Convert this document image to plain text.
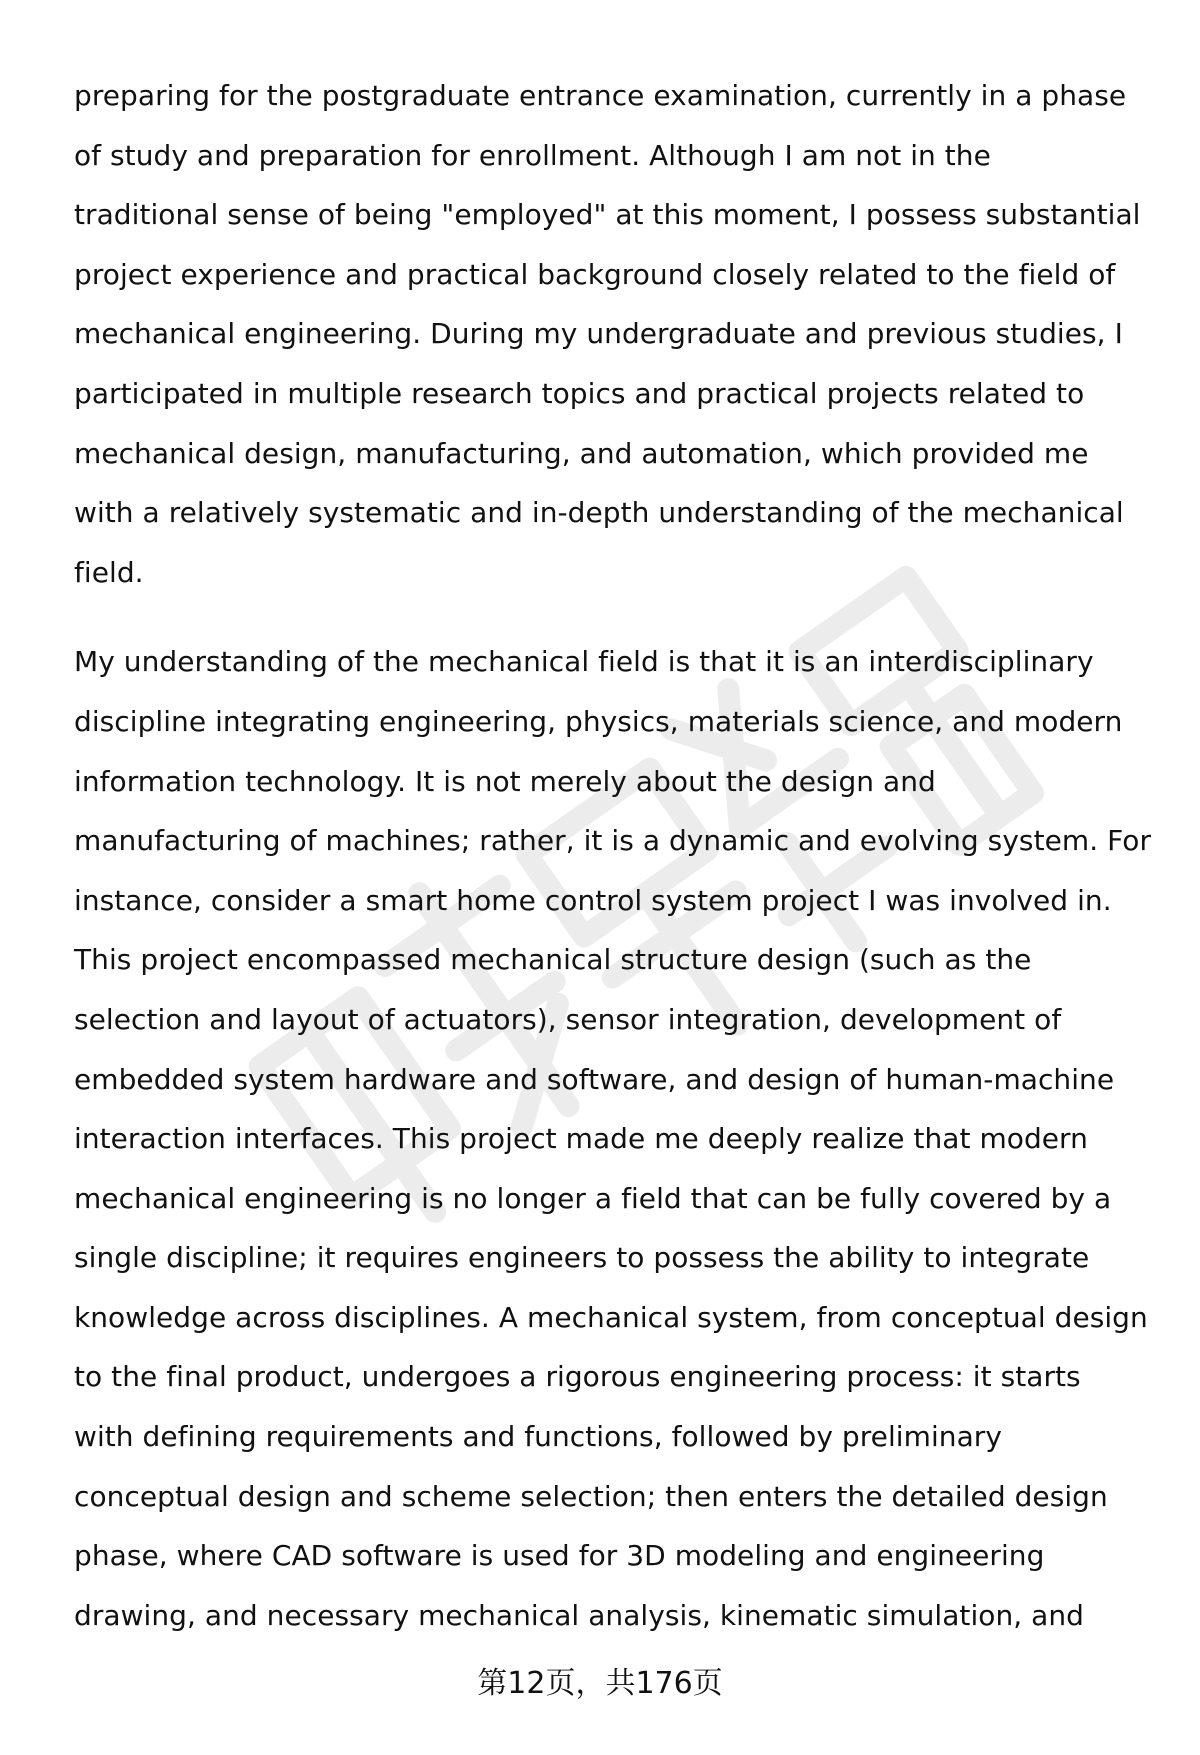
preparing for the postgraduate entrance examination, currently in a phase
of study and preparation for enrollment. Although I am not in the
traditional sense of being "employed" at this moment, I possess substantial
project experience and practical background closely related to the field of
mechanical engineering. During my undergraduate and previous studies, I
participated in multiple research topics and practical projects related to
mechanical design, manufacturing, and automation, which provided me
with a relatively systematic and in-depth understanding of the mechanical
field.

My understanding of the mechanical field is that it is an interdisciplinary
discipline integrating engineering, physics, materials science, and modern
information technology. It is not merely about the design and
manufacturing of machines; rather, it is a dynamic and evolving system. For
instance, consider a smart home control system project I was involved in.
This project encompassed mechanical structure design (such as the
selection and layout of actuators), sensor integration, development of
embedded system hardware and software, and design of human-machine
interaction interfaces. This project made me deeply realize that modern
mechanical engineering is no longer a field that can be fully covered by a
single discipline; it requires engineers to possess the ability to integrate
knowledge across disciplines. A mechanical system, from conceptual design
to the final product, undergoes a rigorous engineering process: it starts
with defining requirements and functions, followed by preliminary
conceptual design and scheme selection; then enters the detailed design
phase, where CAD software is used for 3D modeling and engineering
drawing, and necessary mechanical analysis, kinematic simulation, and

第12页，共176页
